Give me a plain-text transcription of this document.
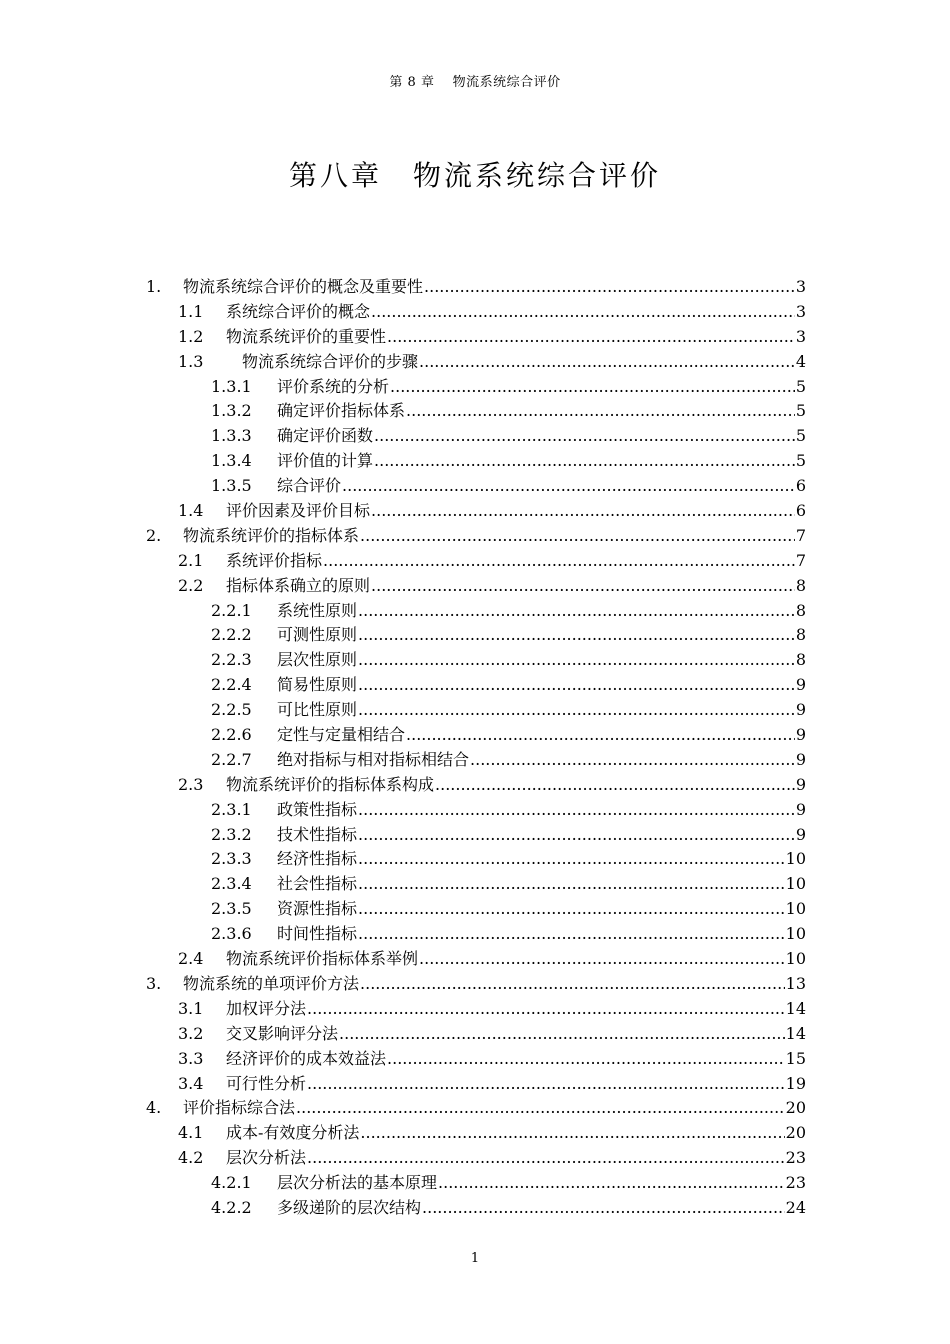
第 8 章　 物流系统综合评价
第八章　物流系统综合评价
1.	物流系统综合评价的概念及重要性 .....	3
1.1	系统综合评价的概念 .....	3
1.2	物流系统评价的重要性 .....	3
1.3	　物流系统综合评价的步骤 .....	4
1.3.1	评价系统的分析 .....	5
1.3.2	确定评价指标体系 .....	5
1.3.3	确定评价函数 .....	5
1.3.4	评价值的计算 .....	5
1.3.5	综合评价 .....	6
1.4	评价因素及评价目标 .....	6
2.	物流系统评价的指标体系 .....	7
2.1	系统评价指标 .....	7
2.2	指标体系确立的原则 .....	8
2.2.1	系统性原则 .....	8
2.2.2	可测性原则 .....	8
2.2.3	层次性原则 .....	8
2.2.4	简易性原则 .....	9
2.2.5	可比性原则 .....	9
2.2.6	定性与定量相结合 .....	9
2.2.7	绝对指标与相对指标相结合 .....	9
2.3	物流系统评价的指标体系构成 .....	9
2.3.1	政策性指标 .....	9
2.3.2	技术性指标 .....	9
2.3.3	经济性指标 .....	10
2.3.4	社会性指标 .....	10
2.3.5	资源性指标 .....	10
2.3.6	时间性指标 .....	10
2.4	物流系统评价指标体系举例 .....	10
3.	物流系统的单项评价方法 .....	13
3.1	加权评分法 .....	14
3.2	交叉影响评分法 .....	14
3.3	经济评价的成本效益法 .....	15
3.4	可行性分析 .....	19
4.	评价指标综合法 .....	20
4.1	成本-有效度分析法 .....	20
4.2	层次分析法 .....	23
4.2.1	层次分析法的基本原理 .....	23
4.2.2	多级递阶的层次结构 .....	24
1
